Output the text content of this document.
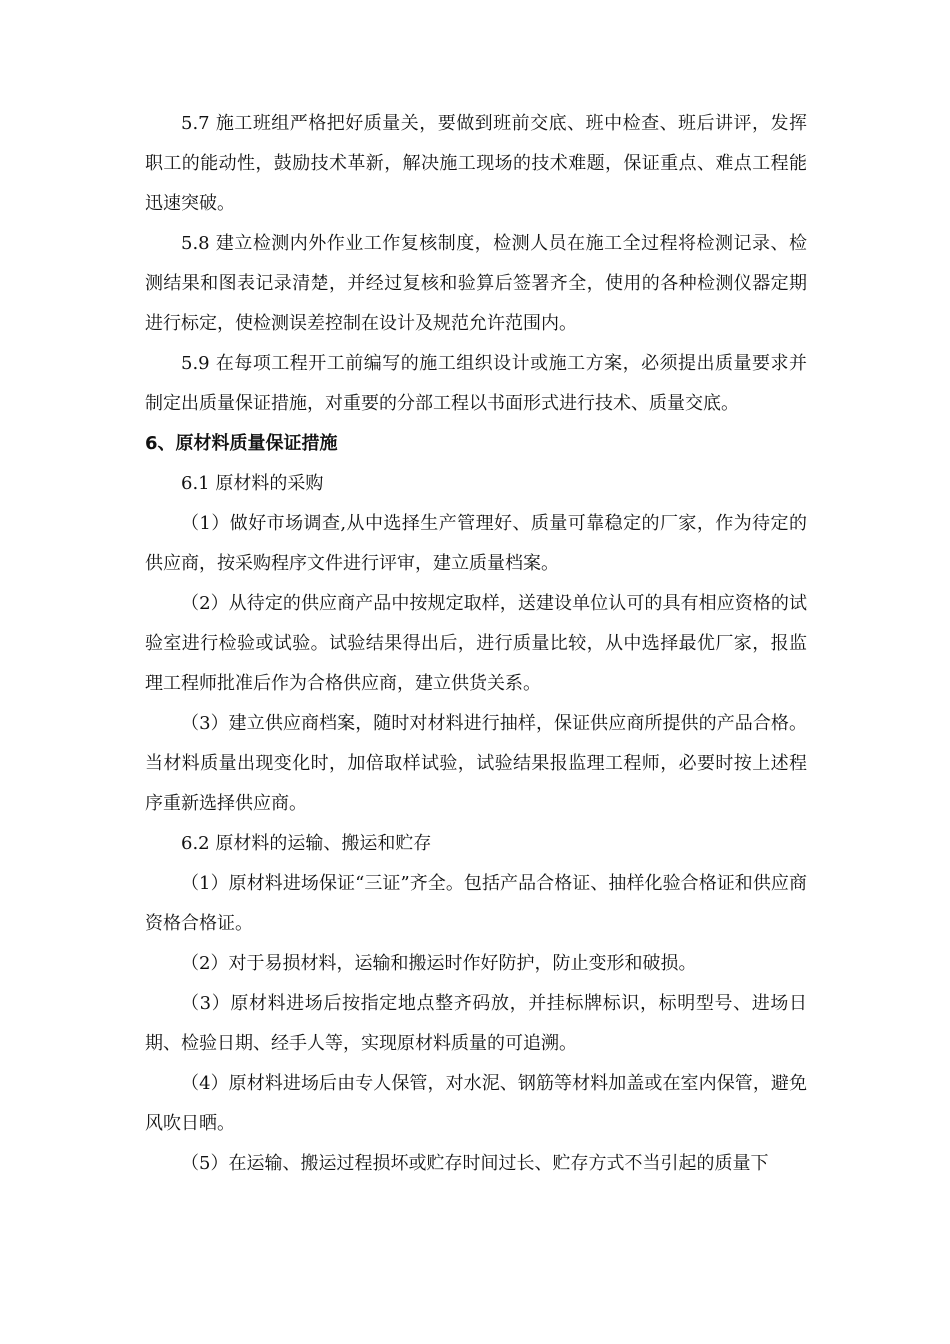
5.7 施工班组严格把好质量关，要做到班前交底、班中检查、班后讲评，发挥职工的能动性，鼓励技术革新，解决施工现场的技术难题，保证重点、难点工程能迅速突破。

5.8 建立检测内外作业工作复核制度，检测人员在施工全过程将检测记录、检测结果和图表记录清楚，并经过复核和验算后签署齐全，使用的各种检测仪器定期进行标定，使检测误差控制在设计及规范允许范围内。

5.9 在每项工程开工前编写的施工组织设计或施工方案，必须提出质量要求并制定出质量保证措施，对重要的分部工程以书面形式进行技术、质量交底。

6、原材料质量保证措施

6.1 原材料的采购

（1）做好市场调查,从中选择生产管理好、质量可靠稳定的厂家，作为待定的供应商，按采购程序文件进行评审，建立质量档案。

（2）从待定的供应商产品中按规定取样，送建设单位认可的具有相应资格的试验室进行检验或试验。试验结果得出后，进行质量比较，从中选择最优厂家，报监理工程师批准后作为合格供应商，建立供货关系。

（3）建立供应商档案，随时对材料进行抽样，保证供应商所提供的产品合格。当材料质量出现变化时，加倍取样试验，试验结果报监理工程师，必要时按上述程序重新选择供应商。

6.2 原材料的运输、搬运和贮存

（1）原材料进场保证“三证”齐全。包括产品合格证、抽样化验合格证和供应商资格合格证。

（2）对于易损材料，运输和搬运时作好防护，防止变形和破损。

（3）原材料进场后按指定地点整齐码放，并挂标牌标识，标明型号、进场日期、检验日期、经手人等，实现原材料质量的可追溯。

（4）原材料进场后由专人保管，对水泥、钢筋等材料加盖或在室内保管，避免风吹日晒。

（5）在运输、搬运过程损坏或贮存时间过长、贮存方式不当引起的质量下
